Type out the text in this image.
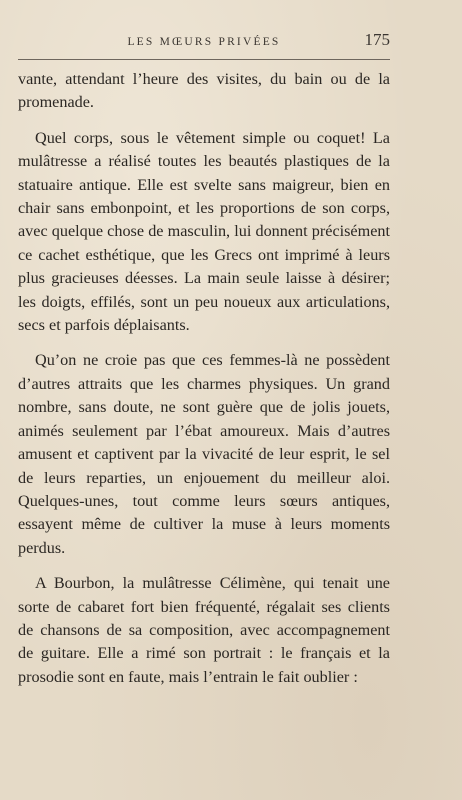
LES MŒURS PRIVÉES	175

vante, attendant l’heure des visites, du bain ou de la promenade.

Quel corps, sous le vêtement simple ou coquet! La mulâtresse a réalisé toutes les beautés plastiques de la statuaire antique. Elle est svelte sans maigreur, bien en chair sans embonpoint, et les proportions de son corps, avec quelque chose de masculin, lui donnent précisément ce cachet esthétique, que les Grecs ont imprimé à leurs plus gracieuses déesses. La main seule laisse à désirer; les doigts, effilés, sont un peu noueux aux articulations, secs et parfois déplaisants.

Qu’on ne croie pas que ces femmes-là ne possèdent d’autres attraits que les charmes physiques. Un grand nombre, sans doute, ne sont guère que de jolis jouets, animés seulement par l’ébat amoureux. Mais d’autres amusent et captivent par la vivacité de leur esprit, le sel de leurs reparties, un enjouement du meilleur aloi. Quelques-unes, tout comme leurs sœurs antiques, essayent même de cultiver la muse à leurs moments perdus.

A Bourbon, la mulâtresse Célimène, qui tenait une sorte de cabaret fort bien fréquenté, régalait ses clients de chansons de sa composition, avec accompagnement de guitare. Elle a rimé son portrait : le français et la prosodie sont en faute, mais l’entrain le fait oublier :
